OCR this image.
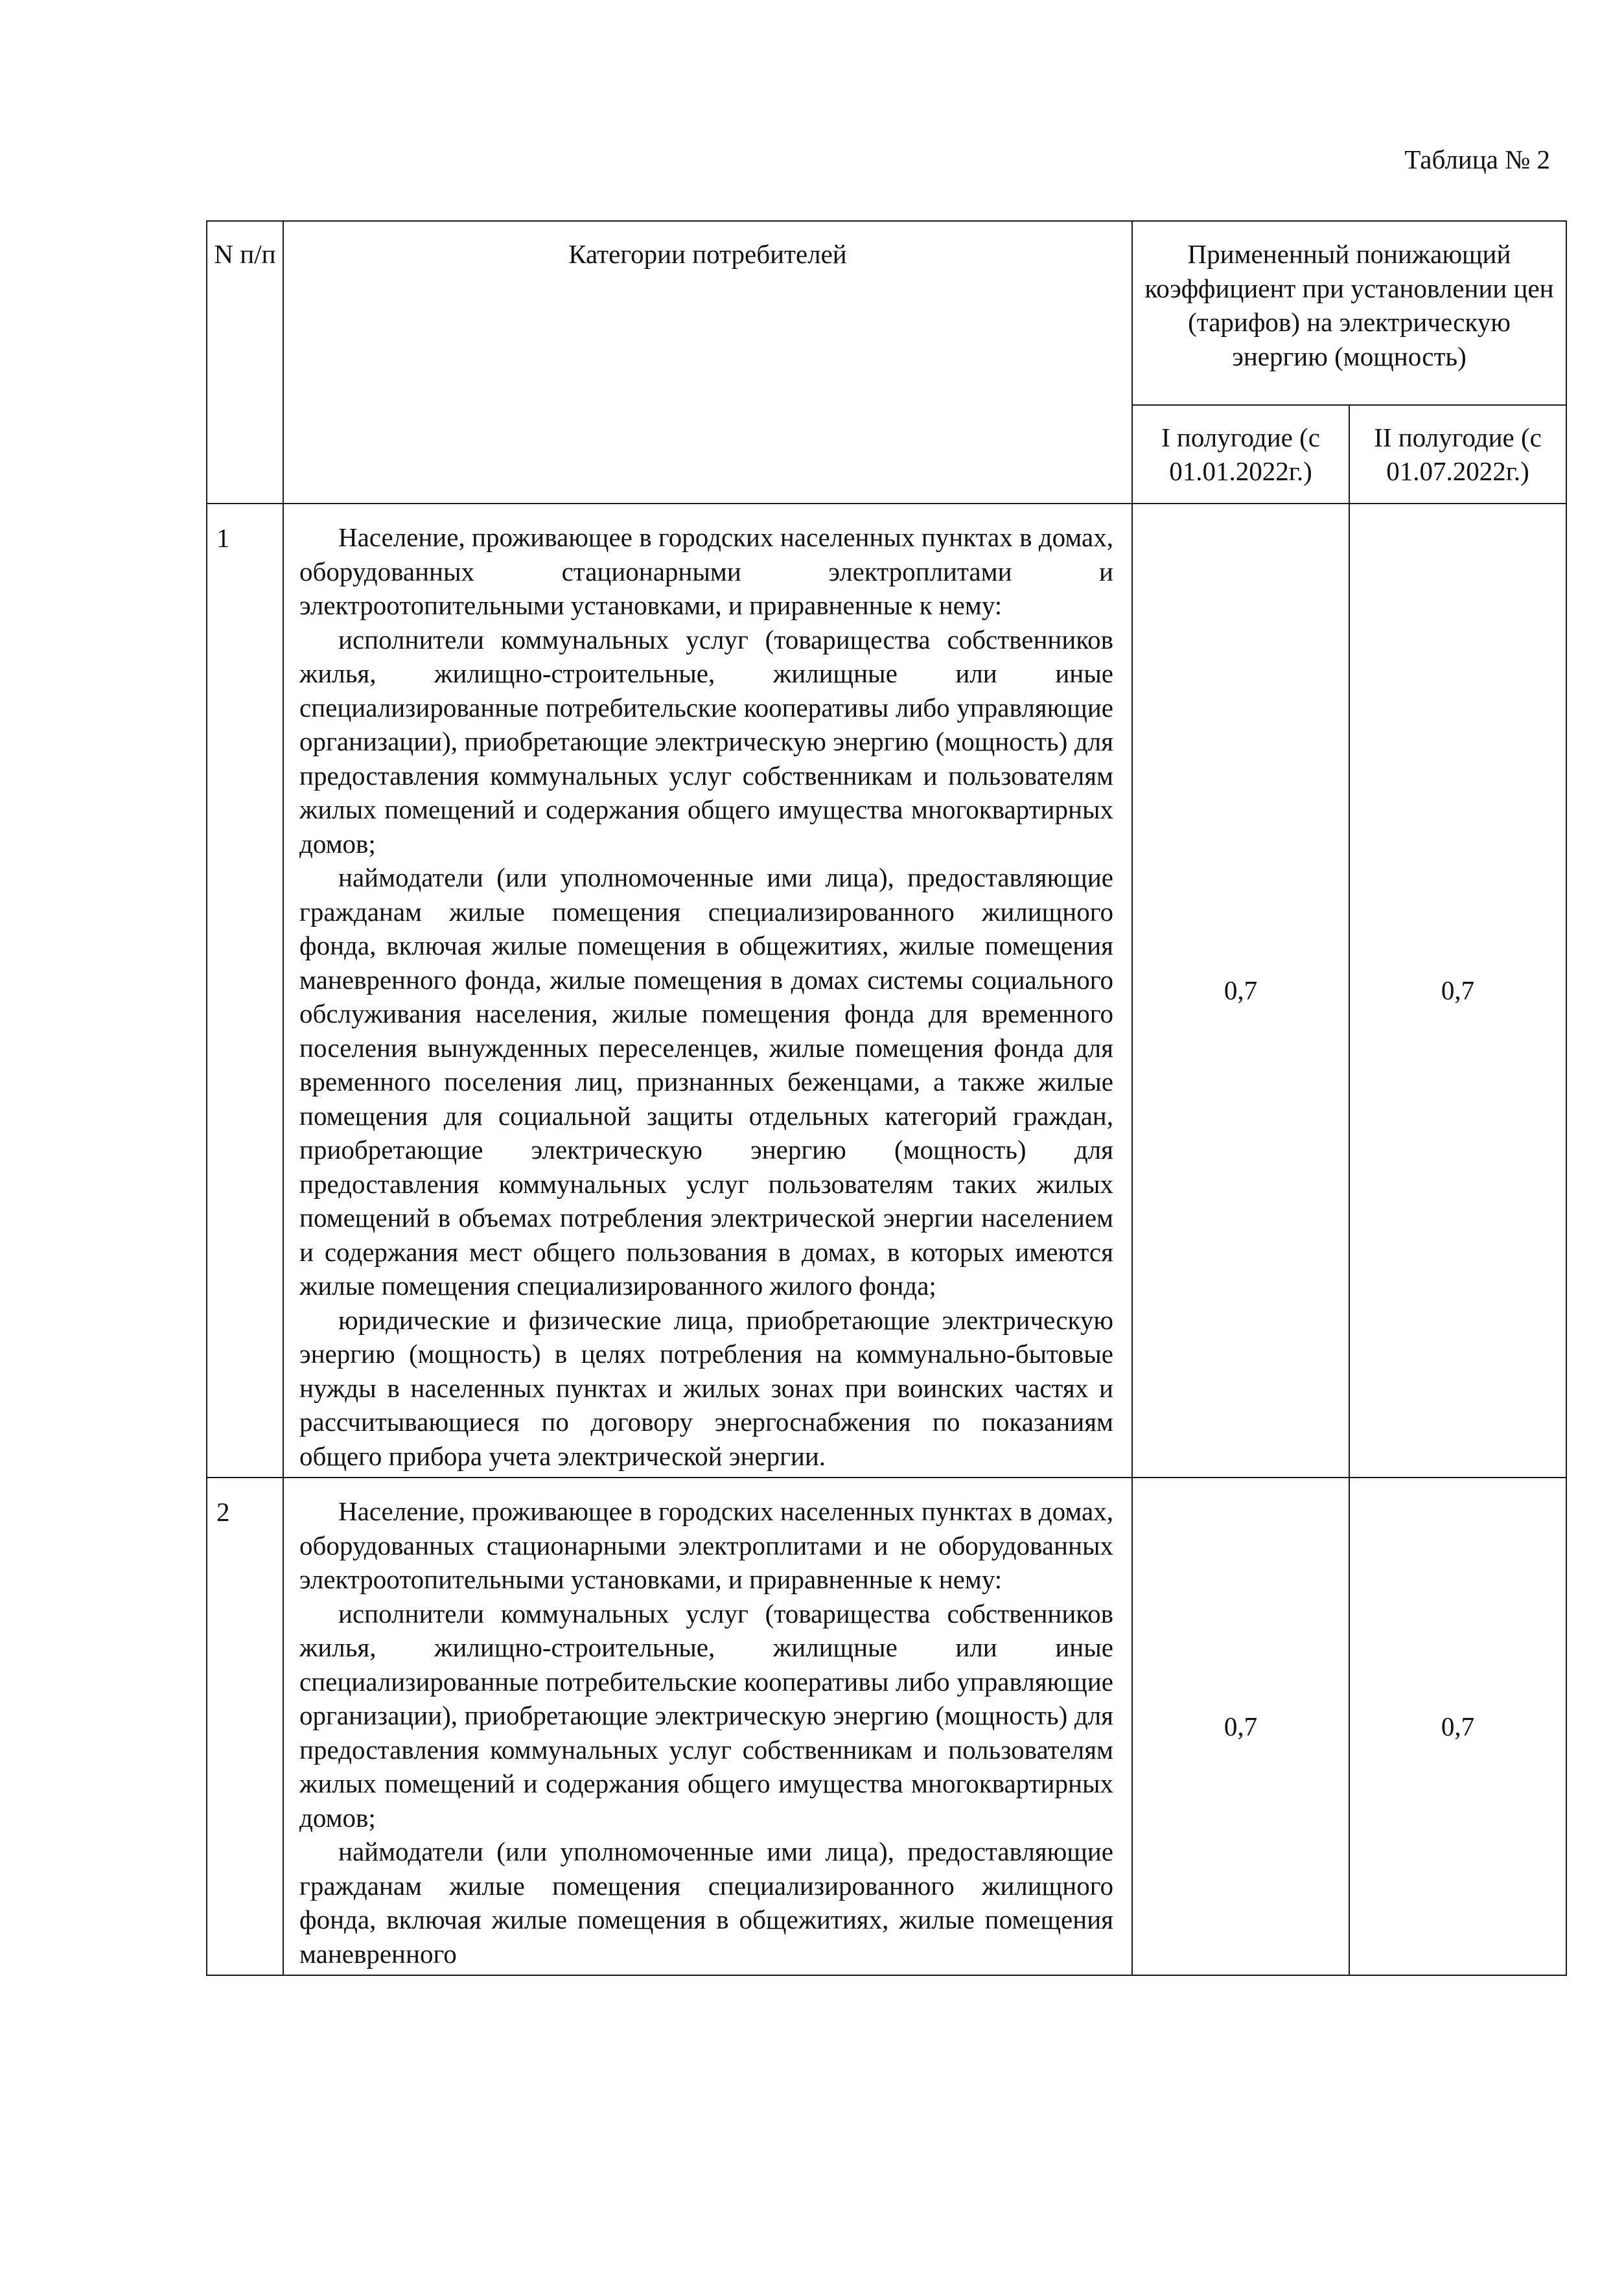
Таблица № 2
N п/п	Категории потребителей	Примененный понижающий коэффициент при установлении цен (тарифов) на электрическую энергию (мощность)	
		I полугодие (с 01.01.2022г.)	II полугодие (с 01.07.2022г.)
1	Население, проживающее в городских населенных пунктах в домах, оборудованных стационарными электроплитами и электроотопительными установками, и приравненные к нему:

исполнители коммунальных услуг (товарищества собственников жилья, жилищно-строительные, жилищные или иные специализированные потребительские кооперативы либо управляющие организации), приобретающие электрическую энергию (мощность) для предоставления коммунальных услуг собственникам и пользователям жилых помещений и содержания общего имущества многоквартирных домов;

наймодатели (или уполномоченные ими лица), предоставляющие гражданам жилые помещения специализированного жилищного фонда, включая жилые помещения в общежитиях, жилые помещения маневренного фонда, жилые помещения в домах системы социального обслуживания населения, жилые помещения фонда для временного поселения вынужденных переселенцев, жилые помещения фонда для временного поселения лиц, признанных беженцами, а также жилые помещения для социальной защиты отдельных категорий граждан, приобретающие электрическую энергию (мощность) для предоставления коммунальных услуг пользователям таких жилых помещений в объемах потребления электрической энергии населением и содержания мест общего пользования в домах, в которых имеются жилые помещения специализированного жилого фонда;

юридические и физические лица, приобретающие электрическую энергию (мощность) в целях потребления на коммунально-бытовые нужды в населенных пунктах и жилых зонах при воинских частях и рассчитывающиеся по договору энергоснабжения по показаниям общего прибора учета электрической энергии.	0,7	0,7
2	Население, проживающее в городских населенных пунктах в домах, оборудованных стационарными электроплитами и не оборудованных электроотопительными установками, и приравненные к нему:

исполнители коммунальных услуг (товарищества собственников жилья, жилищно-строительные, жилищные или иные специализированные потребительские кооперативы либо управляющие организации), приобретающие электрическую энергию (мощность) для предоставления коммунальных услуг собственникам и пользователям жилых помещений и содержания общего имущества многоквартирных домов;

наймодатели (или уполномоченные ими лица), предоставляющие гражданам жилые помещения специализированного жилищного фонда, включая жилые помещения в общежитиях, жилые помещения маневренного	0,7	0,7
